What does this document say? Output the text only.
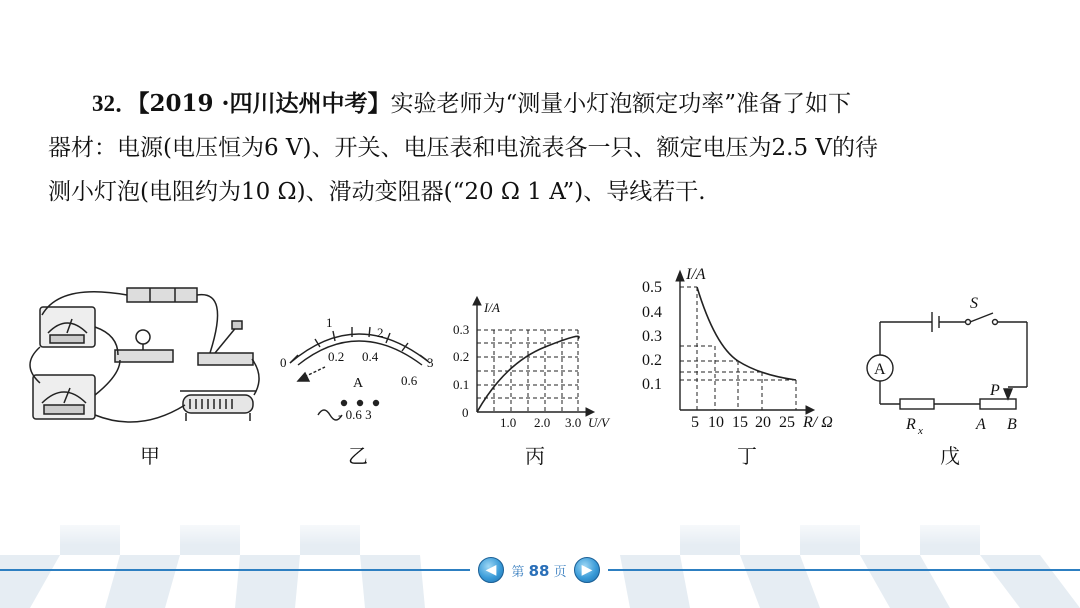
32．【2019 ·四川达州中考】实验老师为“测量小灯泡额定功率”准备了如下
器材：电源(电压恒为6 V)、开关、电压表和电流表各一只、额定电压为2.5 V的待
测小灯泡(电阻约为10 Ω)、滑动变阻器(“20 Ω 1 A”)、导线若干.
0
1
2
3
0.2 0.4
0.6
A
- 0.6 3
I/A
0
0.1
0.2
0.3
1.0 2.0 3.0 U/V
I/A
0.5
0.4
0.3
0.2
0.1
5 10 15 20 25 R/ Ω
A
S
P
R x	A B
甲	乙	丙	丁	戊
◀ 第 88 页 ▶
